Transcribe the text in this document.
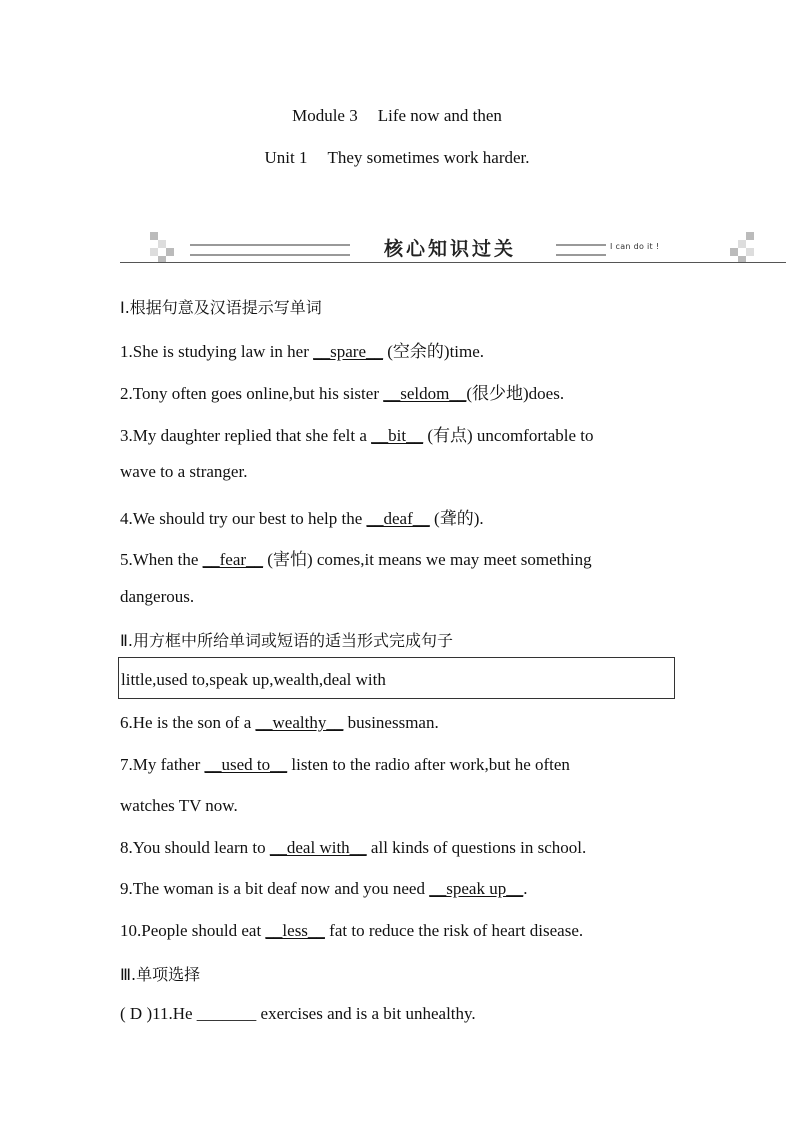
Module 3 Life now and then
Unit 1 They sometimes work harder.
核心知识过关	I can do it !
Ⅰ.根据句意及汉语提示写单词
1.She is studying law in her __spare__ (空余的)time.
2.Tony often goes online,but his sister __seldom__(很少地)does.
3.My daughter replied that she felt a __bit__ (有点) uncomfortable to
wave to a stranger.
4.We should try our best to help the __deaf__ (聋的).
5.When the __fear__ (害怕) comes,it means we may meet something
dangerous.
Ⅱ.用方框中所给单词或短语的适当形式完成句子
little,used to,speak up,wealth,deal with
6.He is the son of a __wealthy__ businessman.
7.My father __used to__ listen to the radio after work,but he often
watches TV now.
8.You should learn to __deal with__ all kinds of questions in school.
9.The woman is a bit deaf now and you need __speak up__.
10.People should eat __less__ fat to reduce the risk of heart disease.
Ⅲ.单项选择
( D )11.He _______ exercises and is a bit unhealthy.
